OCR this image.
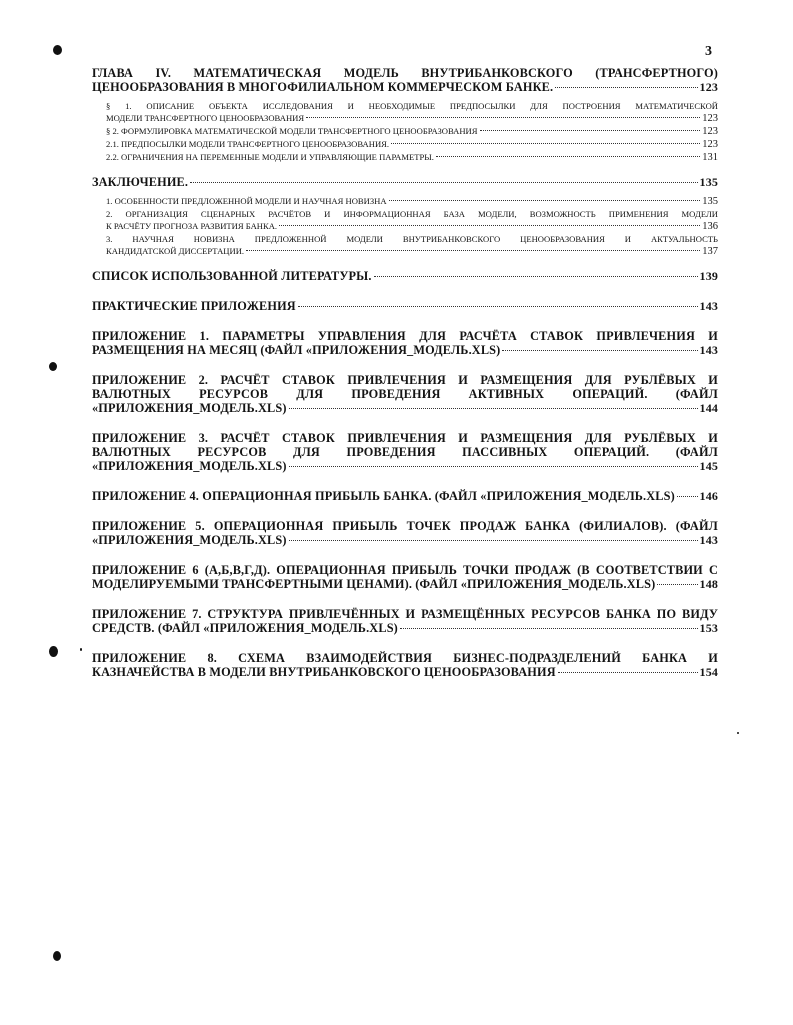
3
ГЛАВА IV. МАТЕМАТИЧЕСКАЯ МОДЕЛЬ ВНУТРИБАНКОВСКОГО (ТРАНСФЕРТНОГО)
ЦЕНООБРАЗОВАНИЯ В МНОГОФИЛИАЛЬНОМ КОММЕРЧЕСКОМ БАНКЕ.	123
§ 1. ОПИСАНИЕ ОБЪЕКТА ИССЛЕДОВАНИЯ И НЕОБХОДИМЫЕ ПРЕДПОСЫЛКИ ДЛЯ ПОСТРОЕНИЯ МАТЕМАТИЧЕСКОЙ
МОДЕЛИ ТРАНСФЕРТНОГО ЦЕНООБРАЗОВАНИЯ	123
§ 2. ФОРМУЛИРОВКА МАТЕМАТИЧЕСКОЙ МОДЕЛИ ТРАНСФЕРТНОГО ЦЕНООБРАЗОВАНИЯ	123
2.1. ПРЕДПОСЫЛКИ МОДЕЛИ ТРАНСФЕРТНОГО ЦЕНООБРАЗОВАНИЯ.	123
2.2. ОГРАНИЧЕНИЯ НА ПЕРЕМЕННЫЕ МОДЕЛИ И УПРАВЛЯЮЩИЕ ПАРАМЕТРЫ.	131
ЗАКЛЮЧЕНИЕ.	135
1. ОСОБЕННОСТИ ПРЕДЛОЖЕННОЙ МОДЕЛИ И НАУЧНАЯ НОВИЗНА	135
2. ОРГАНИЗАЦИЯ СЦЕНАРНЫХ РАСЧЁТОВ И ИНФОРМАЦИОННАЯ БАЗА МОДЕЛИ, ВОЗМОЖНОСТЬ ПРИМЕНЕНИЯ МОДЕЛИ
К РАСЧЁТУ ПРОГНОЗА РАЗВИТИЯ БАНКА.	136
3. НАУЧНАЯ НОВИЗНА ПРЕДЛОЖЕННОЙ МОДЕЛИ ВНУТРИБАНКОВСКОГО ЦЕНООБРАЗОВАНИЯ И АКТУАЛЬНОСТЬ
КАНДИДАТСКОЙ ДИССЕРТАЦИИ.	137
СПИСОК ИСПОЛЬЗОВАННОЙ ЛИТЕРАТУРЫ.	139
ПРАКТИЧЕСКИЕ ПРИЛОЖЕНИЯ	143
ПРИЛОЖЕНИЕ 1. ПАРАМЕТРЫ УПРАВЛЕНИЯ ДЛЯ РАСЧЁТА СТАВОК ПРИВЛЕЧЕНИЯ И
РАЗМЕЩЕНИЯ НА МЕСЯЦ (ФАЙЛ «ПРИЛОЖЕНИЯ_МОДЕЛЬ.XLS)	143
ПРИЛОЖЕНИЕ 2. РАСЧЁТ СТАВОК ПРИВЛЕЧЕНИЯ И РАЗМЕЩЕНИЯ ДЛЯ РУБЛЁВЫХ И
ВАЛЮТНЫХ РЕСУРСОВ ДЛЯ ПРОВЕДЕНИЯ АКТИВНЫХ ОПЕРАЦИЙ. (ФАЙЛ
«ПРИЛОЖЕНИЯ_МОДЕЛЬ.XLS)	144
ПРИЛОЖЕНИЕ 3. РАСЧЁТ СТАВОК ПРИВЛЕЧЕНИЯ И РАЗМЕЩЕНИЯ ДЛЯ РУБЛЁВЫХ И
ВАЛЮТНЫХ РЕСУРСОВ ДЛЯ ПРОВЕДЕНИЯ ПАССИВНЫХ ОПЕРАЦИЙ. (ФАЙЛ
«ПРИЛОЖЕНИЯ_МОДЕЛЬ.XLS)	145
ПРИЛОЖЕНИЕ 4. ОПЕРАЦИОННАЯ ПРИБЫЛЬ БАНКА. (ФАЙЛ «ПРИЛОЖЕНИЯ_МОДЕЛЬ.XLS) 146
ПРИЛОЖЕНИЕ 5. ОПЕРАЦИОННАЯ ПРИБЫЛЬ ТОЧЕК ПРОДАЖ БАНКА (ФИЛИАЛОВ). (ФАЙЛ
«ПРИЛОЖЕНИЯ_МОДЕЛЬ.XLS)	143
ПРИЛОЖЕНИЕ 6 (А,Б,В,Г,Д). ОПЕРАЦИОННАЯ ПРИБЫЛЬ ТОЧКИ ПРОДАЖ (В СООТВЕТСТВИИ С
МОДЕЛИРУЕМЫМИ ТРАНСФЕРТНЫМИ ЦЕНАМИ). (ФАЙЛ «ПРИЛОЖЕНИЯ_МОДЕЛЬ.XLS)	148
ПРИЛОЖЕНИЕ 7. СТРУКТУРА ПРИВЛЕЧЁННЫХ И РАЗМЕЩЁННЫХ РЕСУРСОВ БАНКА ПО ВИДУ
СРЕДСТВ. (ФАЙЛ «ПРИЛОЖЕНИЯ_МОДЕЛЬ.XLS)	153
ПРИЛОЖЕНИЕ 8. СХЕМА ВЗАИМОДЕЙСТВИЯ БИЗНЕС-ПОДРАЗДЕЛЕНИЙ БАНКА И
КАЗНАЧЕЙСТВА В МОДЕЛИ ВНУТРИБАНКОВСКОГО ЦЕНООБРАЗОВАНИЯ	154
